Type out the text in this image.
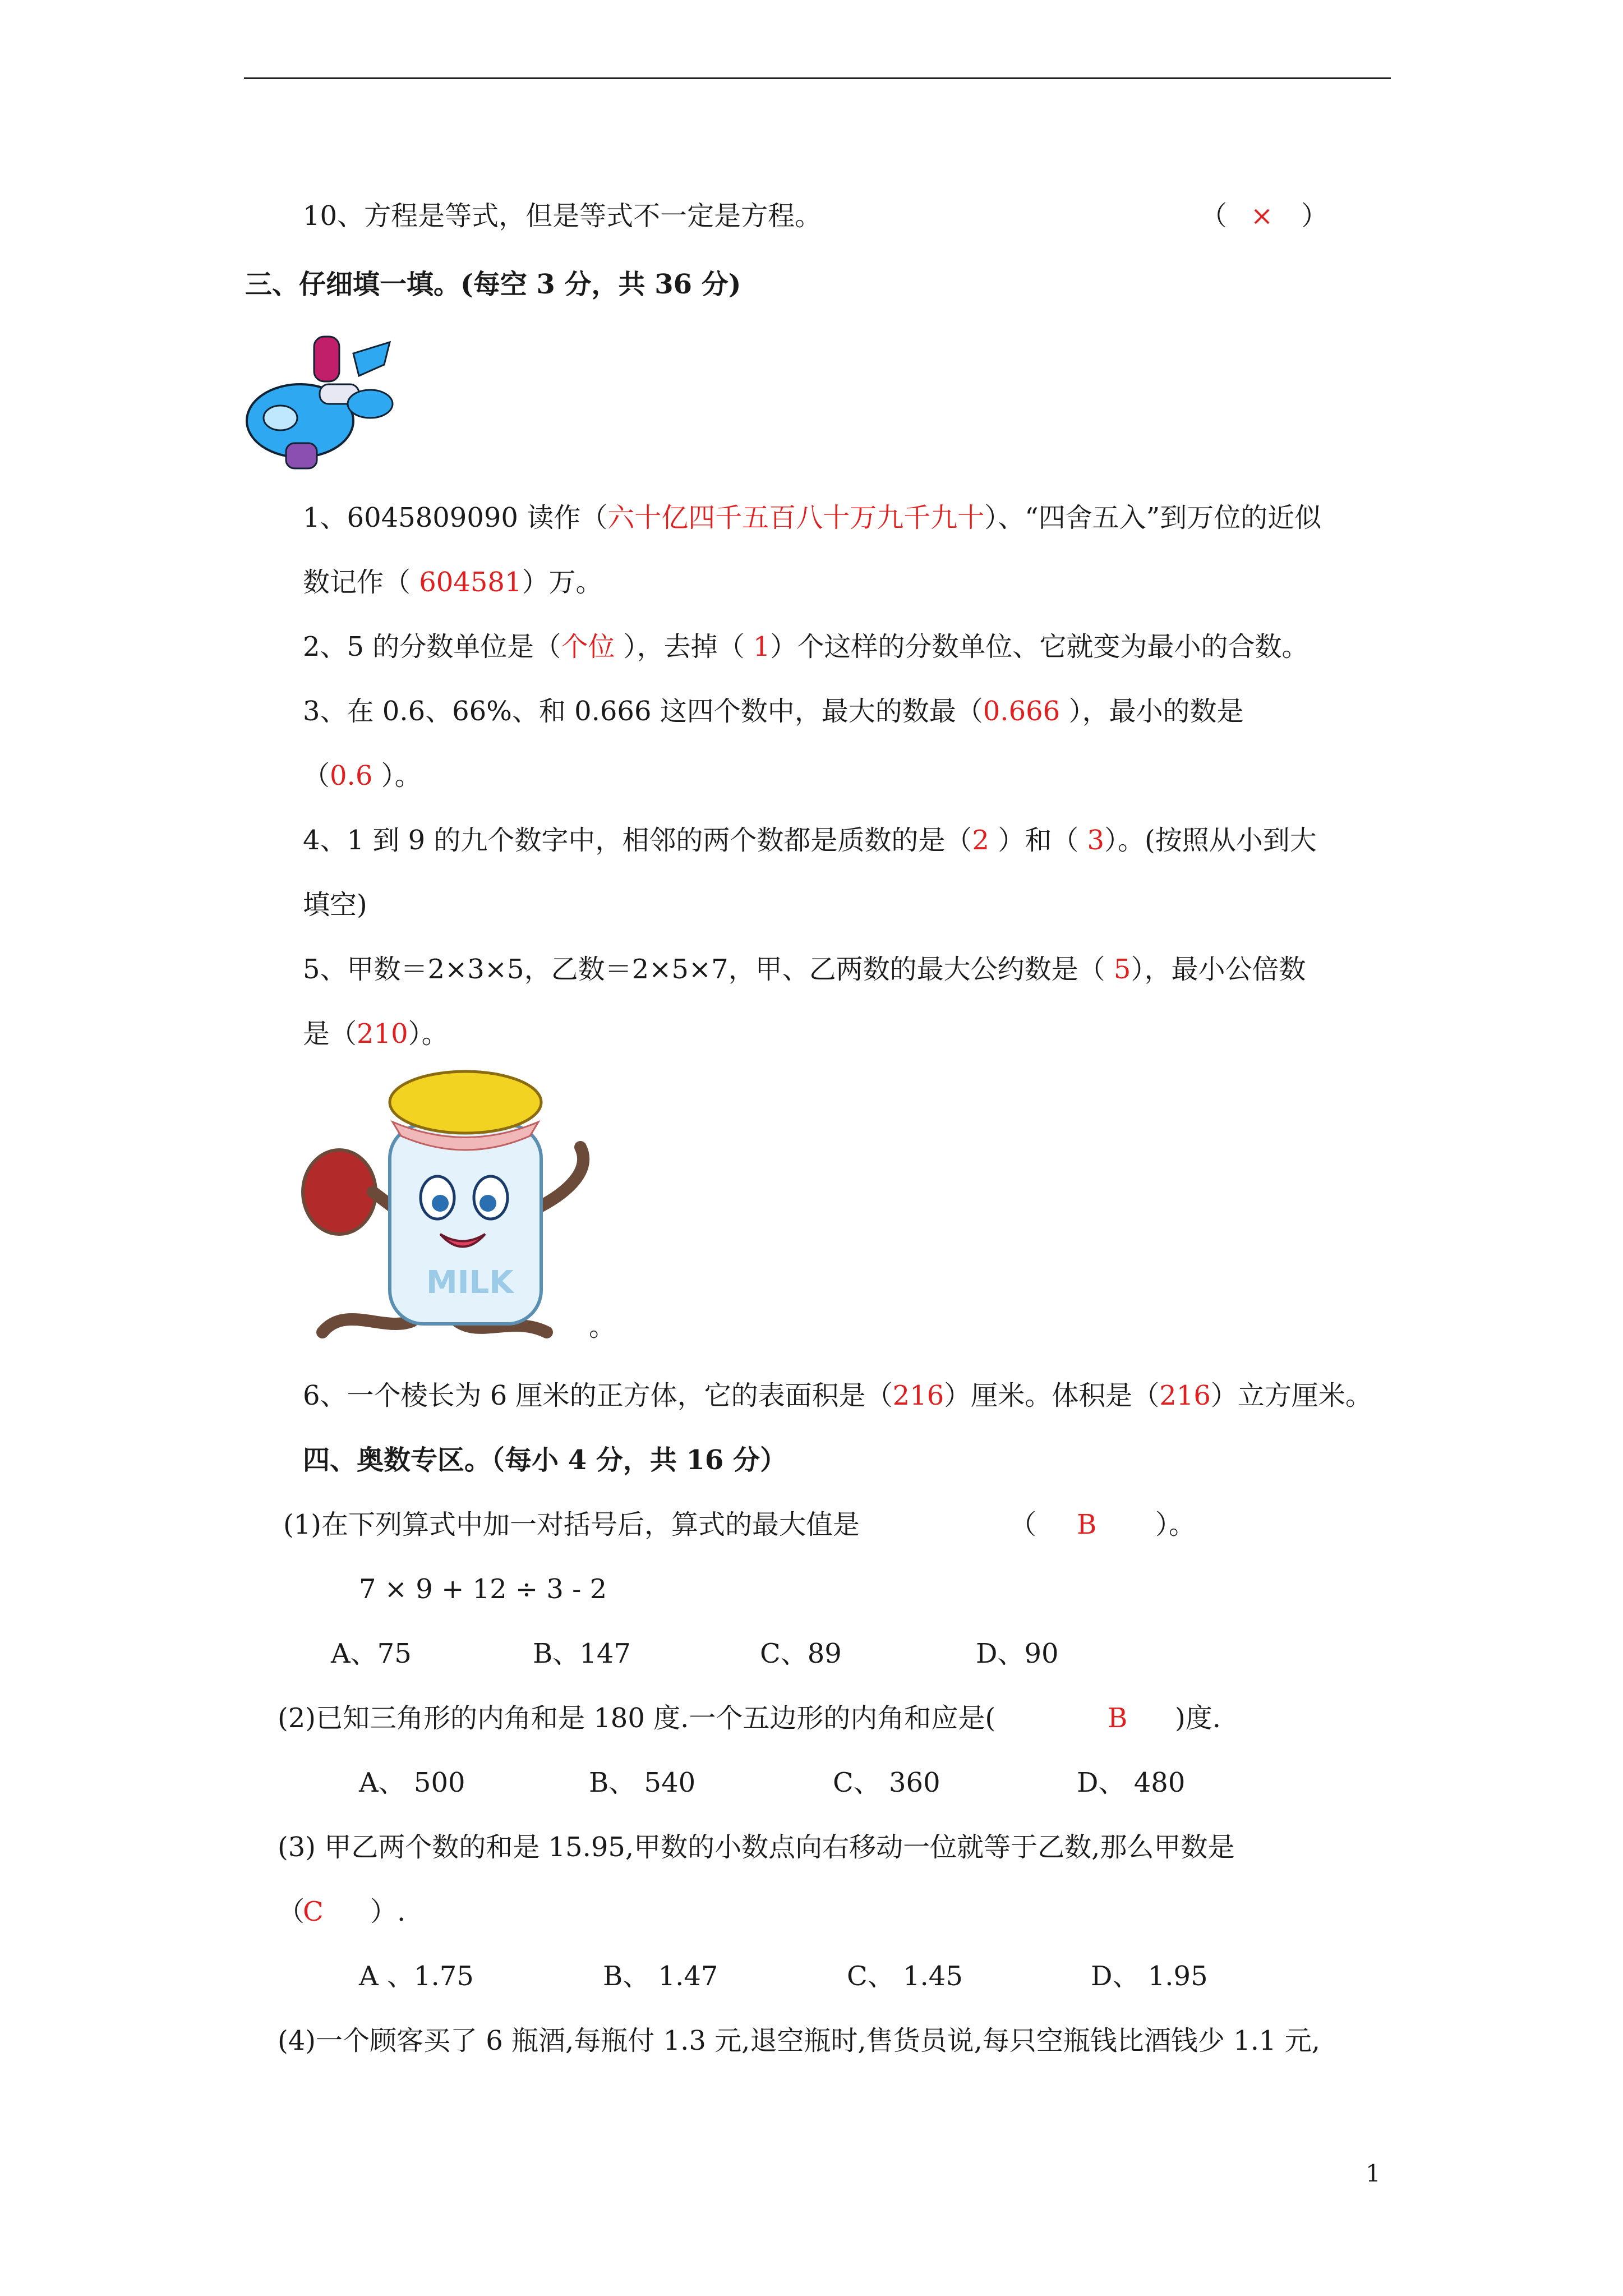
10、方程是等式，但是等式不一定是方程。	（ × ）
三、仔细填一填。(每空 3 分，共 36 分)
1、6045809090 读作（六十亿四千五百八十万九千九十）、“四舍五入”到万位的近似
数记作（ 604581）万。
2、5 的分数单位是（个位 ），去掉（ 1）个这样的分数单位、它就变为最小的合数。
3、在 0.6、66%、和 0.666 这四个数中，最大的数最（0.666 ），最小的数是
（0.6 ）。
4、1 到 9 的九个数字中，相邻的两个数都是质数的是（2 ）和（ 3）。(按照从小到大
填空)
5、甲数＝2×3×5，乙数＝2×5×7，甲、乙两数的最大公约数是（ 5），最小公倍数
是（210）。
MILK
。
6、一个棱长为 6 厘米的正方体，它的表面积是（216）厘米。体积是（216）立方厘米。
四、奥数专区。（每小 4 分，共 16 分）
(1)在下列算式中加一对括号后，算式的最大值是	（ B ）。
7 × 9 + 12 ÷ 3 - 2
A、75	B、147	C、89	D、90
(2)已知三角形的内角和是 180 度.一个五边形的内角和应是(	B )度.
A、 500	B、 540	C、 360	D、 480
(3) 甲乙两个数的和是 15.95,甲数的小数点向右移动一位就等于乙数,那么甲数是
（
C ）.
A 、1.75	B、 1.47	C、 1.45	D、 1.95
(4)一个顾客买了 6 瓶酒,每瓶付 1.3 元,退空瓶时,售货员说,每只空瓶钱比酒钱少 1.1 元,
1
